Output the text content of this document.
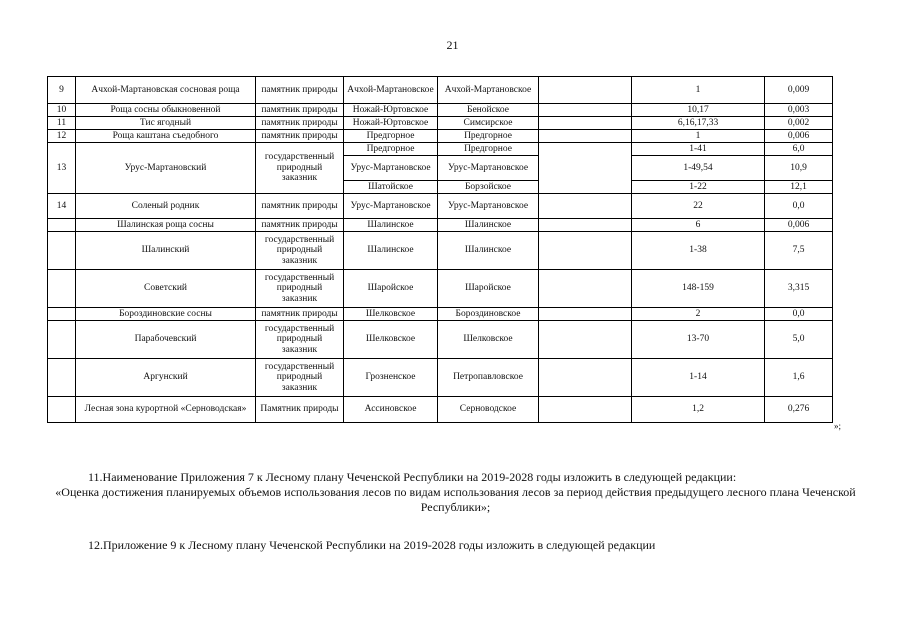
21
9	Ачхой-Мартановская сосновая роща	памятник природы	Ачхой-Мартановское	Ачхой-Мартановское		1	0,009
10	Роща сосны обыкновенной	памятник природы	Ножай-Юртовское	Бенойское		10,17	0,003
11	Тис ягодный	памятник природы	Ножай-Юртовское	Симсирское		6,16,17,33	0,002
12	Роща каштана съедобного	памятник природы	Предгорное	Предгорное		1	0,006
13	Урус-Мартановский	государственный природный заказник	Предгорное	Предгорное		1-41	6,0
			Урус-Мартановское	Урус-Мартановское		1-49,54	10,9
			Шатойское	Борзойское		1-22	12,1
14	Соленый родник	памятник природы	Урус-Мартановское	Урус-Мартановское		22	0,0
	Шалинская роща сосны	памятник природы	Шалинское	Шалинское		6	0,006
	Шалинский	государственный природный заказник	Шалинское	Шалинское		1-38	7,5
	Советский	государственный природный заказник	Шаройское	Шаройское		148-159	3,315
	Бороздиновские сосны	памятник природы	Шелковское	Бороздиновское		2	0,0
	Парабочевский	государственный природный заказник	Шелковское	Шелковское		13-70	5,0
	Аргунский	государственный природный заказник	Грозненское	Петропавловское		1-14	1,6
	Лесная зона курортной «Серноводская»	Памятник природы	Ассиновское	Серноводское		1,2	0,276
»;
11.Наименование Приложения 7 к Лесному плану Чеченской Республики на 2019-2028 годы изложить в следующей редакции:
«Оценка достижения планируемых объемов использования лесов по видам использования лесов за период действия предыдущего лесного плана Чеченской Республики»;
12.Приложение 9 к Лесному плану Чеченской Республики на 2019-2028 годы изложить в следующей редакции
